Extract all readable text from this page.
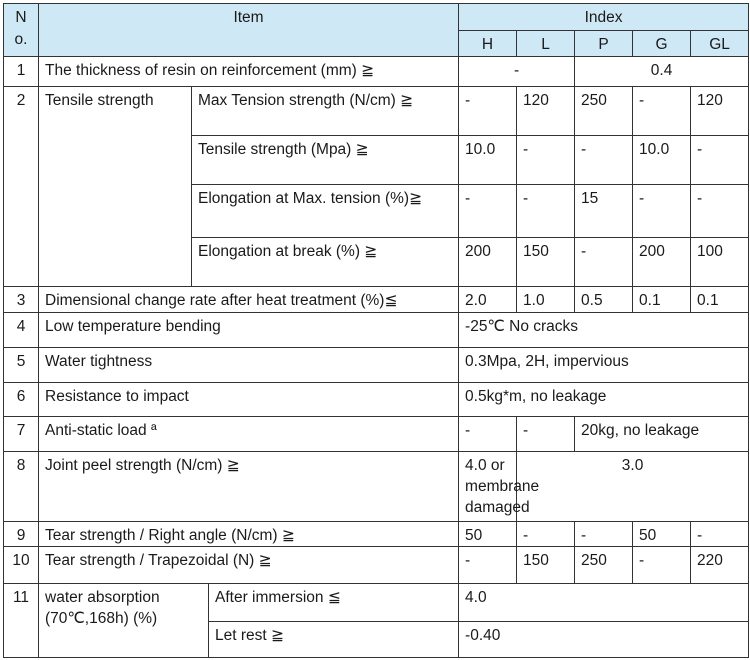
N
o.	Item			Index				
				H	L	P	G	GL
1	The thickness of resin on reinforcement (mm) ≧			-		0.4		
2	Tensile strength	Max Tension strength (N/cm) ≧		-	120	250	-	120
		Tensile strength (Mpa) ≧		10.0	-	-	10.0	-
		Elongation at Max. tension (%)≧		-	-	15	-	-
		Elongation at break (%) ≧		200	150	-	200	100
3	Dimensional change rate after heat treatment (%)≦			2.0	1.0	0.5	0.1	0.1
4	Low temperature bending			-25℃ No cracks				
5	Water tightness			0.3Mpa, 2H, impervious				
6	Resistance to impact			0.5kg*m, no leakage				
7	Anti-static load ª			-	-	20kg, no leakage		
8	Joint peel strength (N/cm) ≧			4.0 or membrane damaged	3.0			
9	Tear strength / Right angle (N/cm) ≧			50	-	-	50	-
10	Tear strength / Trapezoidal (N) ≧			-	150	250	-	220
11	water absorption (70℃,168h) (%)		After immersion ≦	4.0				
			Let rest ≧	-0.40				
